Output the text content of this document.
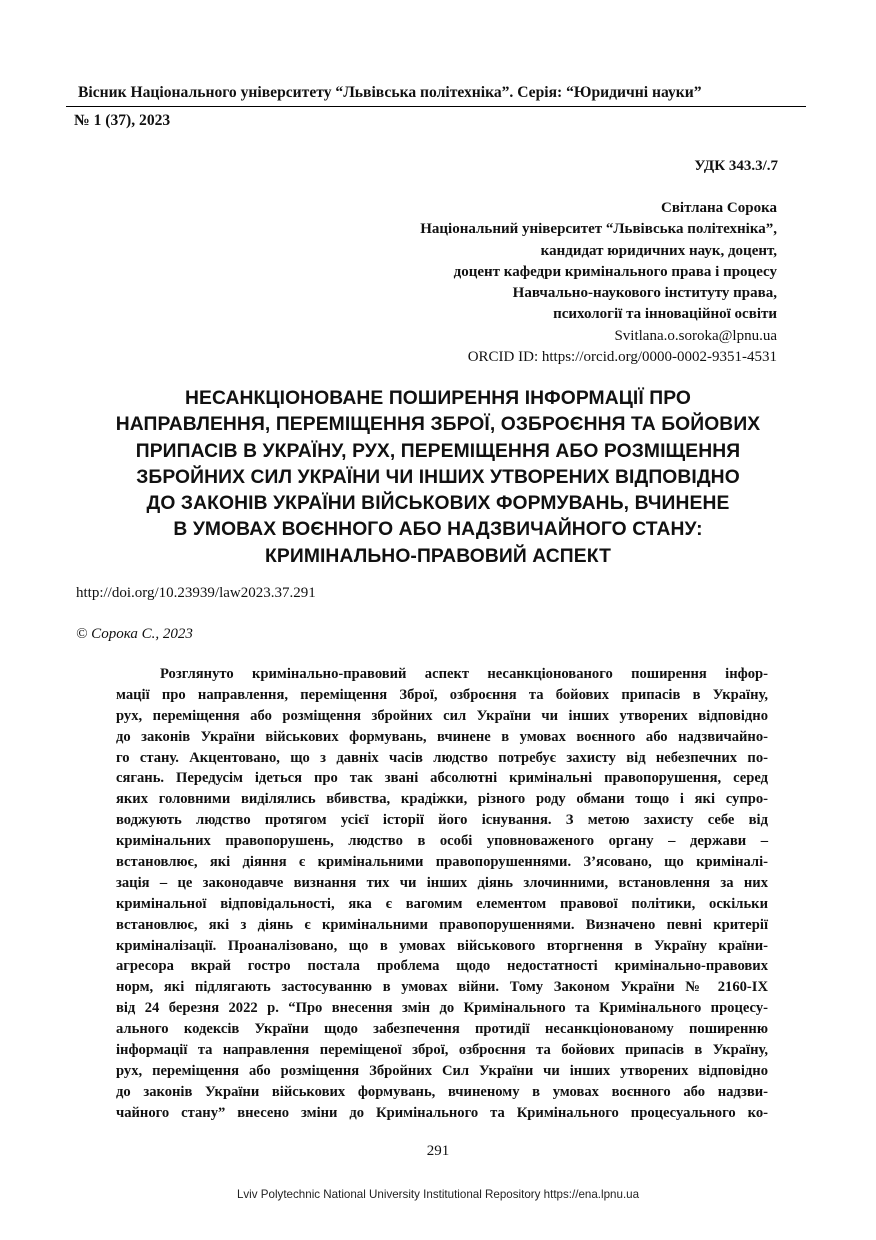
Вісник Національного університету “Львівська політехніка”. Серія: “Юридичні науки”
№ 1 (37), 2023
УДК 343.3/.7
Світлана Сорока
Національний університет “Львівська політехніка”,
кандидат юридичних наук, доцент,
доцент кафедри кримінального права і процесу
Навчально-наукового інституту права,
психології та інноваційної освіти
Svitlana.o.soroka@lpnu.ua
ORCID ID: https://orcid.org/0000-0002-9351-4531
НЕСАНКЦІОНОВАНЕ ПОШИРЕННЯ ІНФОРМАЦІЇ ПРО
НАПРАВЛЕННЯ, ПЕРЕМІЩЕННЯ ЗБРОЇ, ОЗБРОЄННЯ ТА БОЙОВИХ
ПРИПАСІВ В УКРАЇНУ, РУХ, ПЕРЕМІЩЕННЯ АБО РОЗМІЩЕННЯ
ЗБРОЙНИХ СИЛ УКРАЇНИ ЧИ ІНШИХ УТВОРЕНИХ ВІДПОВІДНО
ДО ЗАКОНІВ УКРАЇНИ ВІЙСЬКОВИХ ФОРМУВАНЬ, ВЧИНЕНЕ
В УМОВАХ ВОЄННОГО АБО НАДЗВИЧАЙНОГО СТАНУ:
КРИМІНАЛЬНО-ПРАВОВИЙ АСПЕКТ
http://doi.org/10.23939/law2023.37.291
© Сорока С., 2023
Розглянуто кримінально-правовий аспект несанкціонованого поширення інфор-
мації про направлення, переміщення Зброї, озброєння та бойових припасів в Україну,
рух, переміщення або розміщення збройних сил України чи інших утворених відповідно
до законів України військових формувань, вчинене в умовах воєнного або надзвичайно-
го стану. Акцентовано, що з давніх часів людство потребує захисту від небезпечних по-
сягань. Передусім ідеться про так звані абсолютні кримінальні правопорушення, серед
яких головними виділялись вбивства, крадіжки, різного роду обмани тощо і які супро-
воджують людство протягом усієї історії його існування. З метою захисту себе від
кримінальних правопорушень, людство в особі уповноваженого органу – держави –
встановлює, які діяння є кримінальними правопорушеннями. З’ясовано, що криміналі-
зація – це законодавче визнання тих чи інших діянь злочинними, встановлення за них
кримінальної відповідальності, яка є вагомим елементом правової політики, оскільки
встановлює, які з діянь є кримінальними правопорушеннями. Визначено певні критерії
криміналізації. Проаналізовано, що в умовах військового вторгнення в Україну країни-
агресора вкрай гостро постала проблема щодо недостатності кримінально-правових
норм, які підлягають застосуванню в умовах війни. Тому Законом України № 2160-IX
від 24 березня 2022 р. “Про внесення змін до Кримінального та Кримінального процесу-
ального кодексів України щодо забезпечення протидії несанкціонованому поширенню
інформації та направлення переміщеної зброї, озброєння та бойових припасів в Україну,
рух, переміщення або розміщення Збройних Сил України чи інших утворених відповідно
до законів України військових формувань, вчиненому в умовах воєнного або надзви-
чайного стану” внесено зміни до Кримінального та Кримінального процесуального ко-
291
Lviv Polytechnic National University Institutional Repository https://ena.lpnu.ua
